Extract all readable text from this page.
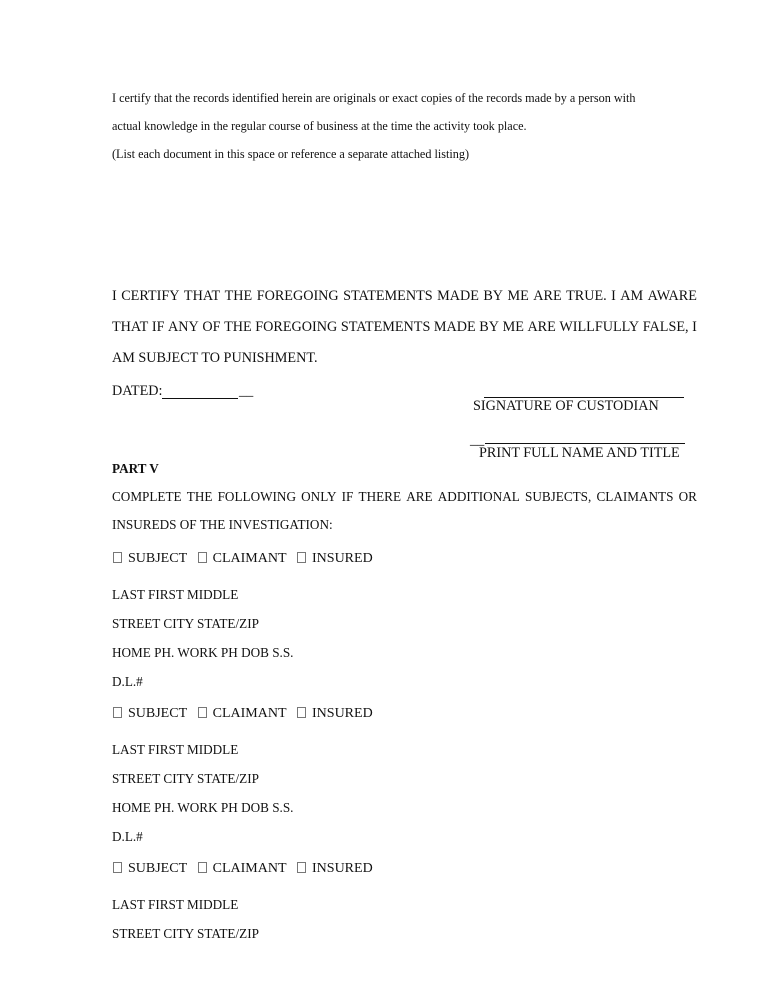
I certify that the records identified herein are originals or exact copies of the records made by a person with
actual knowledge in the regular course of business at the time the activity took place.
(List each document in this space or reference a separate attached listing)
I CERTIFY THAT THE FOREGOING STATEMENTS MADE BY ME ARE TRUE. I AM AWARE
THAT IF ANY OF THE FOREGOING STATEMENTS MADE BY ME ARE WILLFULLY FALSE, I
AM SUBJECT TO PUNISHMENT.
DATED:	__
SIGNATURE OF CUSTODIAN
__
PRINT FULL NAME AND TITLE
PART V
COMPLETE THE FOLLOWING ONLY IF THERE ARE ADDITIONAL SUBJECTS, CLAIMANTS OR
INSUREDS OF THE INVESTIGATION:
SUBJECT CLAIMANT INSURED
LAST FIRST MIDDLE
STREET CITY STATE/ZIP
HOME PH. WORK PH DOB S.S.
D.L.#
SUBJECT CLAIMANT INSURED
LAST FIRST MIDDLE
STREET CITY STATE/ZIP
HOME PH. WORK PH DOB S.S.
D.L.#
SUBJECT CLAIMANT INSURED
LAST FIRST MIDDLE
STREET CITY STATE/ZIP
